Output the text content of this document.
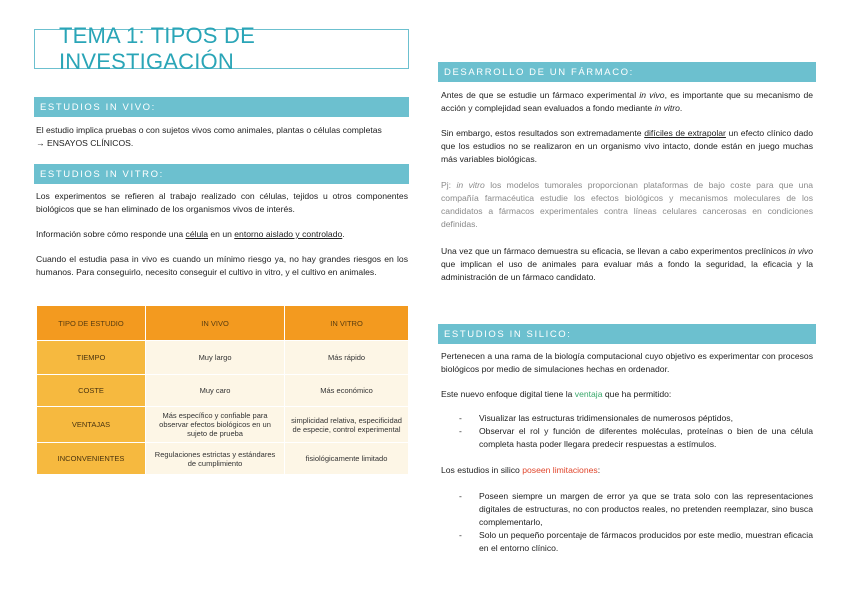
TEMA 1: TIPOS DE INVESTIGACIÓN
ESTUDIOS IN VIVO:
El estudio implica pruebas o con sujetos vivos como animales, plantas o células completas
→ ENSAYOS CLÍNICOS.
ESTUDIOS IN VITRO:
Los experimentos se refieren al trabajo realizado con células, tejidos u otros componentes biológicos que se han eliminado de los organismos vivos de interés.
Información sobre cómo responde una célula en un entorno aislado y controlado.
Cuando el estudia pasa in vivo es cuando un mínimo riesgo ya, no hay grandes riesgos en los humanos. Para conseguirlo, necesito conseguir el cultivo in vitro, y el cultivo en animales.
TIPO DE ESTUDIO	IN VIVO	IN VITRO
TIEMPO	Muy largo	Más rápido
COSTE	Muy caro	Más económico
VENTAJAS	Más específico y confiable para observar efectos biológicos en un sujeto de prueba	simplicidad relativa, especificidad de especie, control experimental
INCONVENIENTES	Regulaciones estrictas y estándares de cumplimiento	fisiológicamente limitado
DESARROLLO DE UN FÁRMACO:
Antes de que se estudie un fármaco experimental in vivo, es importante que su mecanismo de acción y complejidad sean evaluados a fondo mediante in vitro.
Sin embargo, estos resultados son extremadamente difíciles de extrapolar un efecto clínico dado que los estudios no se realizaron en un organismo vivo intacto, donde están en juego muchas más variables biológicas.
Pj: in vitro los modelos tumorales proporcionan plataformas de bajo coste para que una compañía farmacéutica estudie los efectos biológicos y mecanismos moleculares de los candidatos a fármacos experimentales contra líneas celulares cancerosas en condiciones definidas.
Una vez que un fármaco demuestra su eficacia, se llevan a cabo experimentos preclínicos in vivo que implican el uso de animales para evaluar más a fondo la seguridad, la eficacia y la administración de un fármaco candidato.
ESTUDIOS IN SILICO:
Pertenecen a una rama de la biología computacional cuyo objetivo es experimentar con procesos biológicos por medio de simulaciones hechas en ordenador.
Este nuevo enfoque digital tiene la ventaja que ha permitido:
- Visualizar las estructuras tridimensionales de numerosos péptidos,
- Observar el rol y función de diferentes moléculas, proteínas o bien de una célula completa hasta poder llegara predecir respuestas a estímulos.
Los estudios in silico poseen limitaciones:
- Poseen siempre un margen de error ya que se trata solo con las representaciones digitales de estructuras, no con productos reales, no pretenden reemplazar, sino busca complementarlo,
- Solo un pequeño porcentaje de fármacos producidos por este medio, muestran eficacia en el entorno clínico.
